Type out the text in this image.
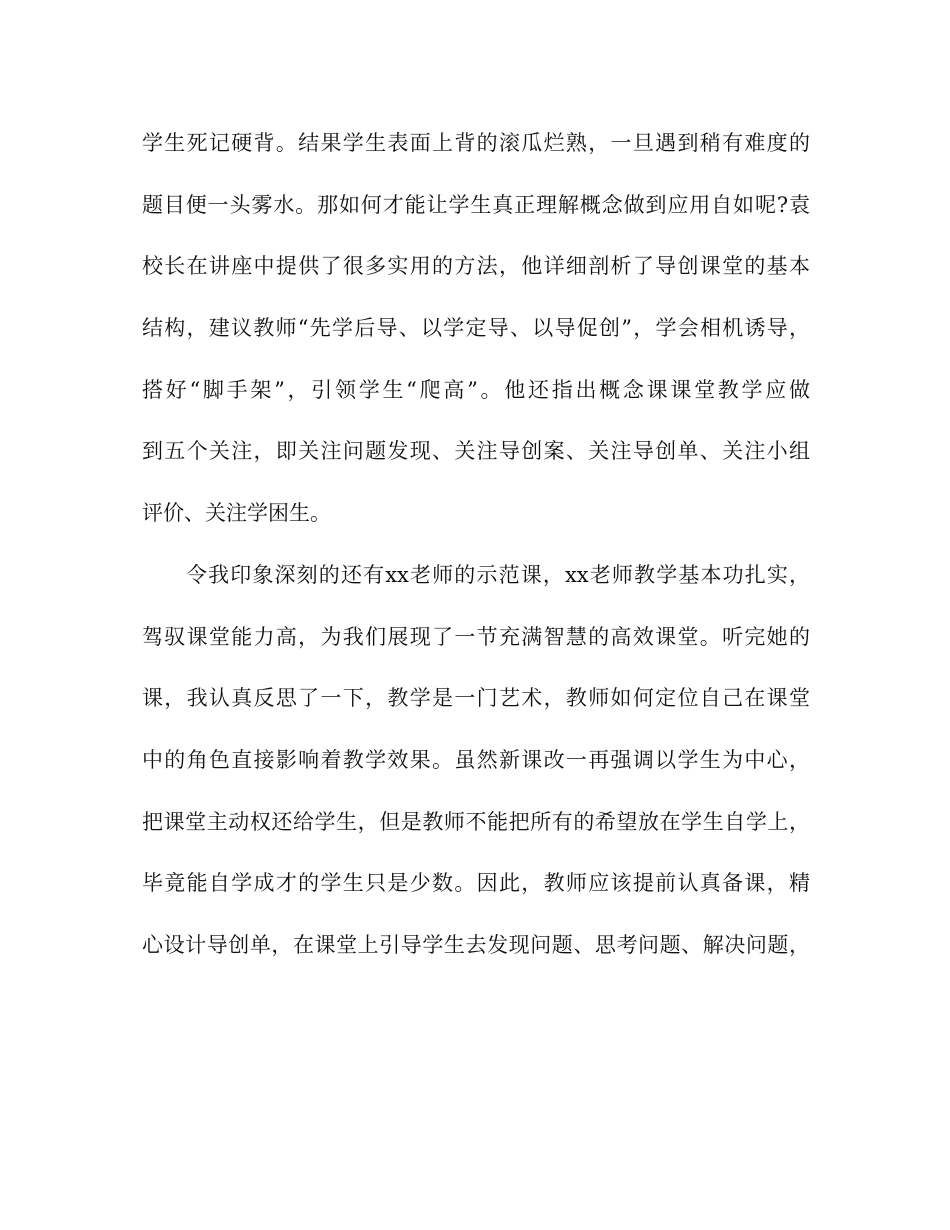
学生死记硬背。结果学生表面上背的滚瓜烂熟，一旦遇到稍有难度的
题目便一头雾水。那如何才能让学生真正理解概念做到应用自如呢?袁
校长在讲座中提供了很多实用的方法，他详细剖析了导创课堂的基本
结构，建议教师“先学后导、以学定导、以导促创”，学会相机诱导，
搭好“脚手架”，引领学生“爬高”。他还指出概念课课堂教学应做
到五个关注，即关注问题发现、关注导创案、关注导创单、关注小组
评价、关注学困生。
令我印象深刻的还有xx老师的示范课，xx老师教学基本功扎实，
驾驭课堂能力高，为我们展现了一节充满智慧的高效课堂。听完她的
课，我认真反思了一下，教学是一门艺术，教师如何定位自己在课堂
中的角色直接影响着教学效果。虽然新课改一再强调以学生为中心，
把课堂主动权还给学生，但是教师不能把所有的希望放在学生自学上，
毕竟能自学成才的学生只是少数。因此，教师应该提前认真备课，精
心设计导创单，在课堂上引导学生去发现问题、思考问题、解决问题，
